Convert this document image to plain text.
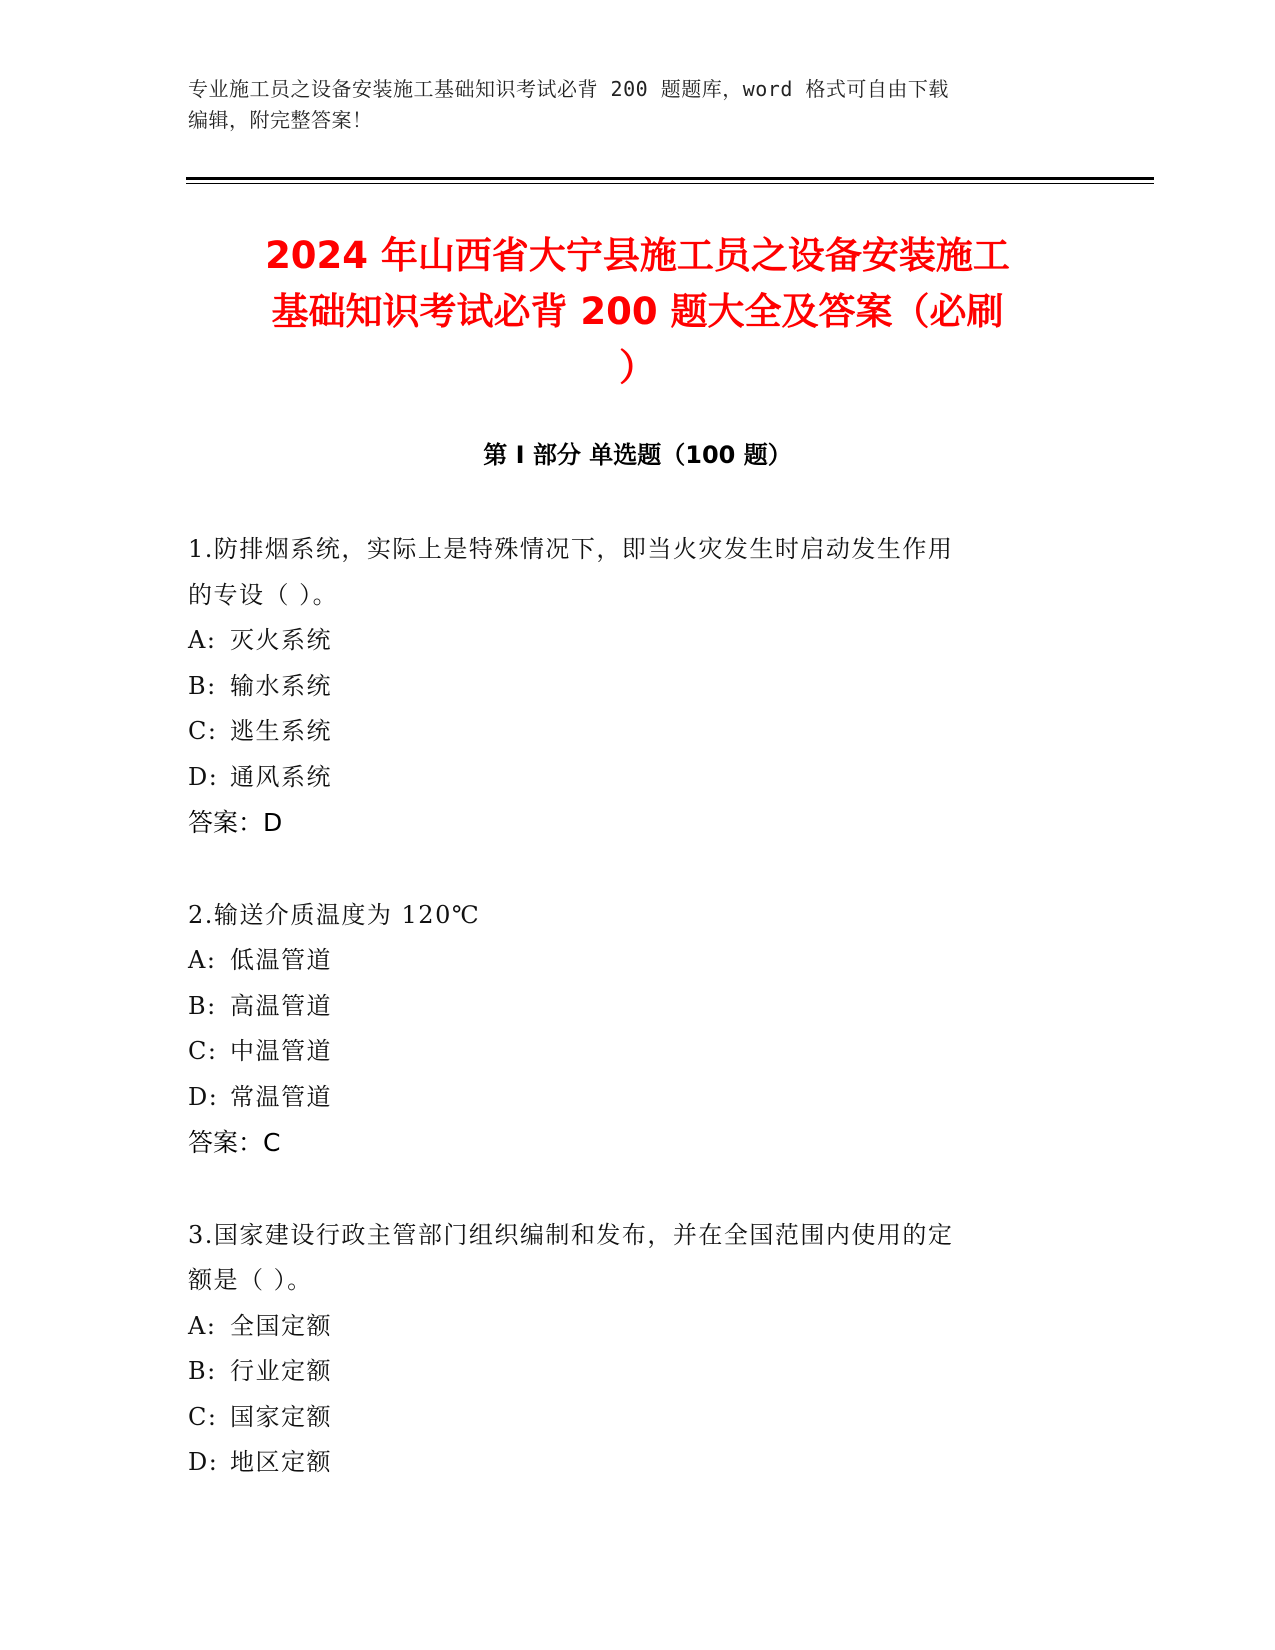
专业施工员之设备安装施工基础知识考试必背 200 题题库，word 格式可自由下载
编辑，附完整答案！
2024 年山西省大宁县施工员之设备安装施工
基础知识考试必背 200 题大全及答案（必刷
）
第 I 部分 单选题（100 题）
1.防排烟系统，实际上是特殊情况下，即当火灾发生时启动发生作用
的专设（ ）。
A: 灭火系统
B: 输水系统
C: 逃生系统
D: 通风系统
答案：D
2.输送介质温度为 120℃
A: 低温管道
B: 高温管道
C: 中温管道
D: 常温管道
答案：C
3.国家建设行政主管部门组织编制和发布，并在全国范围内使用的定
额是（ ）。
A: 全国定额
B: 行业定额
C: 国家定额
D: 地区定额
